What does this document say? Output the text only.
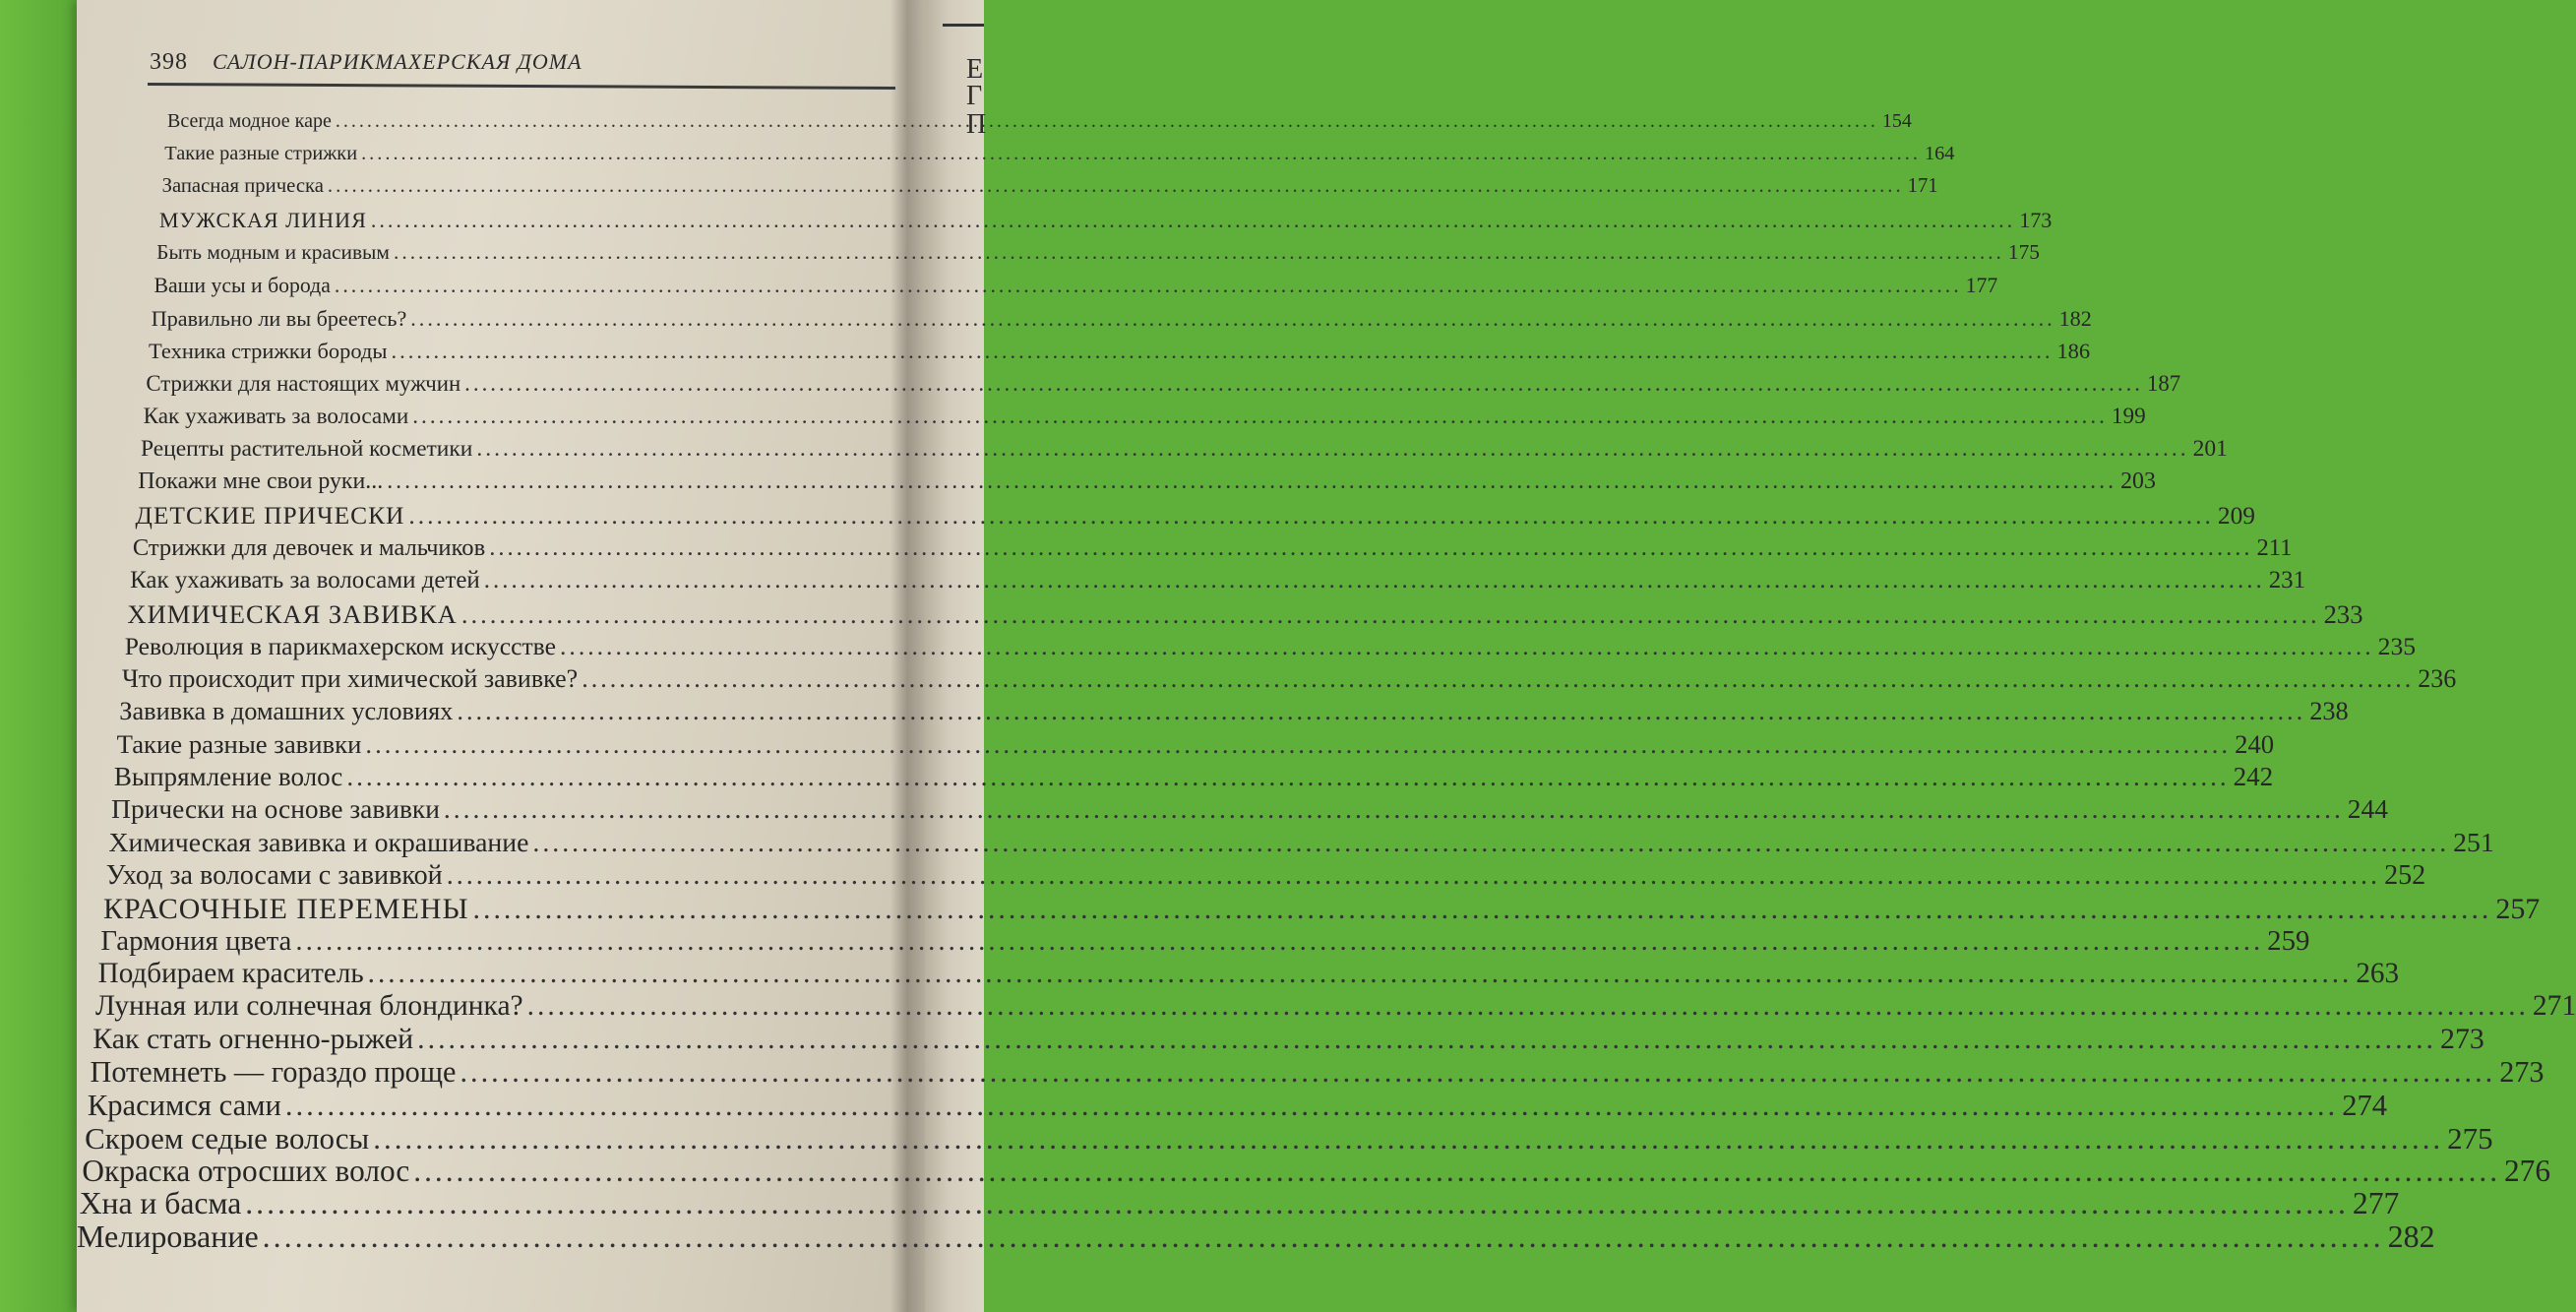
Е
Г
П
398 САЛОН-ПАРИКМАХЕРСКАЯ ДОМА
Всегда модное каре .....	154
Такие разные стрижки .....	164
Запасная прическа .....	171
МУЖСКАЯ ЛИНИЯ .....	173
Быть модным и красивым .....	175
Ваши усы и борода .....	177
Правильно ли вы бреетесь? .....	182
Техника стрижки бороды .....	186
Стрижки для настоящих мужчин .....	187
Как ухаживать за волосами .....	199
Рецепты растительной косметики .....	201
Покажи мне свои руки... .....	203
ДЕТСКИЕ ПРИЧЕСКИ .....	209
Стрижки для девочек и мальчиков .....	211
Как ухаживать за волосами детей .....	231
ХИМИЧЕСКАЯ ЗАВИВКА .....	233
Революция в парикмахерском искусстве .....	235
Что происходит при химической завивке? .....	236
Завивка в домашних условиях .....	238
Такие разные завивки .....	240
Выпрямление волос .....	242
Прически на основе завивки .....	244
Химическая завивка и окрашивание .....	251
Уход за волосами с завивкой .....	252
КРАСОЧНЫЕ ПЕРЕМЕНЫ .....	257
Гармония цвета .....	259
Подбираем краситель .....	263
Лунная или солнечная блондинка? .....	271
Как стать огненно-рыжей .....	273
Потемнеть — гораздо проще .....	273
Красимся сами .....	274
Скроем седые волосы .....	275
Окраска отросших волос .....	276
Хна и басма .....	277
Мелирование .....	282
